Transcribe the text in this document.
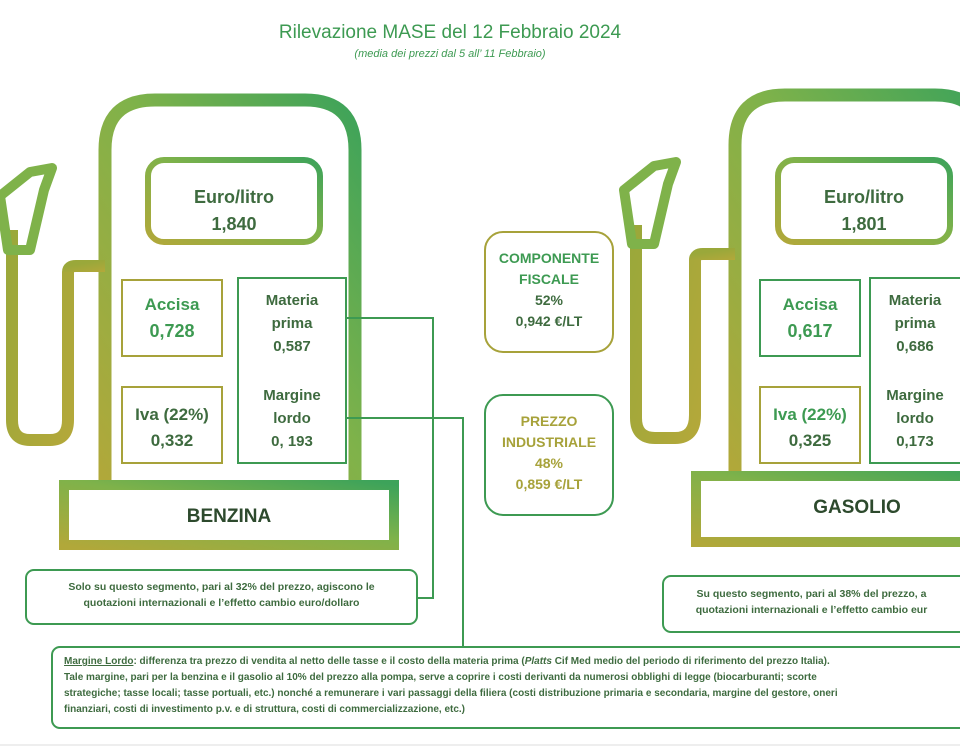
Rilevazione MASE del 12 Febbraio 2024
(media dei prezzi dal 5 all’ 11 Febbraio)
Euro/litro
1,840
Accisa
0,728
Iva (22%)
0,332
Materia
prima
0,587
Margine
lordo
0, 193
BENZINA
Euro/litro
1,801
Accisa
0,617
Iva (22%)
0,325
Materia
prima
0,686
Margine
lordo
0,173
GASOLIO
COMPONENTE
FISCALE
52%
0,942 €/LT
PREZZO
INDUSTRIALE
48%
0,859 €/LT
Solo su questo segmento, pari al 32% del prezzo, agiscono le
quotazioni internazionali e l’effetto cambio euro/dollaro
Su questo segmento, pari al 38% del prezzo, a
quotazioni internazionali e l’effetto cambio eur
Margine Lordo: differenza tra prezzo di vendita al netto delle tasse e il costo della materia prima (Platts Cif Med medio del periodo di riferimento del prezzo Italia).
Tale margine, pari per la benzina e il gasolio al 10% del prezzo alla pompa, serve a coprire i costi derivanti da numerosi obblighi di legge (biocarburanti; scorte
strategiche; tasse locali; tasse portuali, etc.) nonché a remunerare i vari passaggi della filiera (costi distribuzione primaria e secondaria, margine del gestore, oneri
finanziari, costi di investimento p.v. e di struttura, costi di commercializzazione, etc.)
